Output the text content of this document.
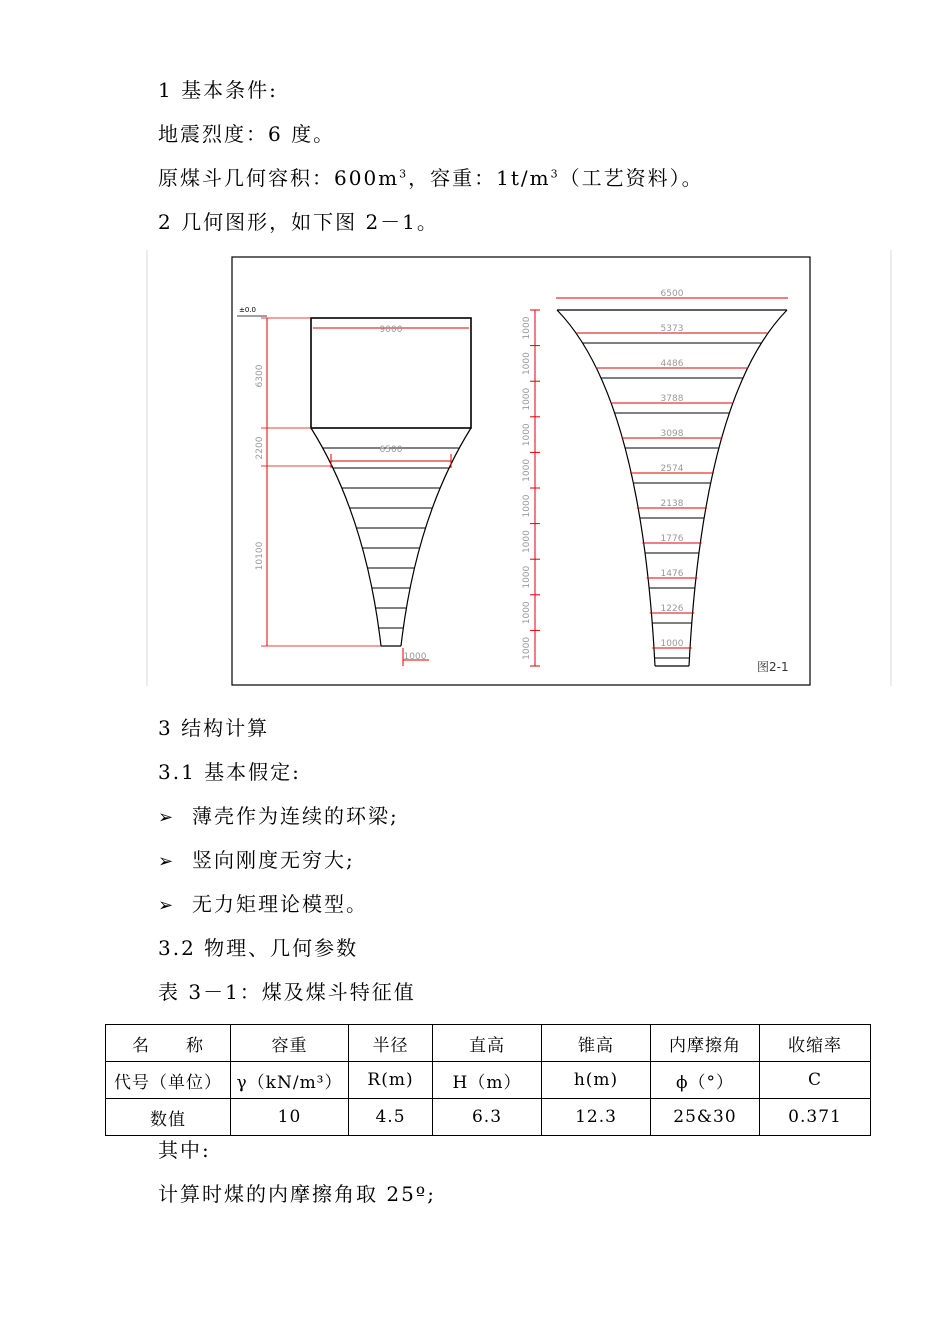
1 基本条件:
地震烈度：6 度。
原煤斗几何容积：$600m^3$，容重：$1t/m^3$（工艺资料）。
2 几何图形，如下图 2－1。
±0.0
9000
6500
1000
6300
2200
10100
6500
5373
4486
3788
3098
2574
2138
1776
1476
1226
1000
1000
1000
1000
1000
1000
1000
1000
1000
1000
1000
图2-1
3 结构计算
3.1 基本假定:
➢ 薄壳作为连续的环梁;
➢ 竖向刚度无穷大;
➢ 无力矩理论模型。
3.2 物理、几何参数
表 3－1：煤及煤斗特征值
名　　称	容重	半径	直高	锥高	内摩擦角	收缩率
代号（单位）	γ（kN/m³）	R(m)	H（m）	h(m)	ϕ（°）	C
数值	10	4.5	6.3	12.3	25&30	0.371
其中:
计算时煤的内摩擦角取 25º;
